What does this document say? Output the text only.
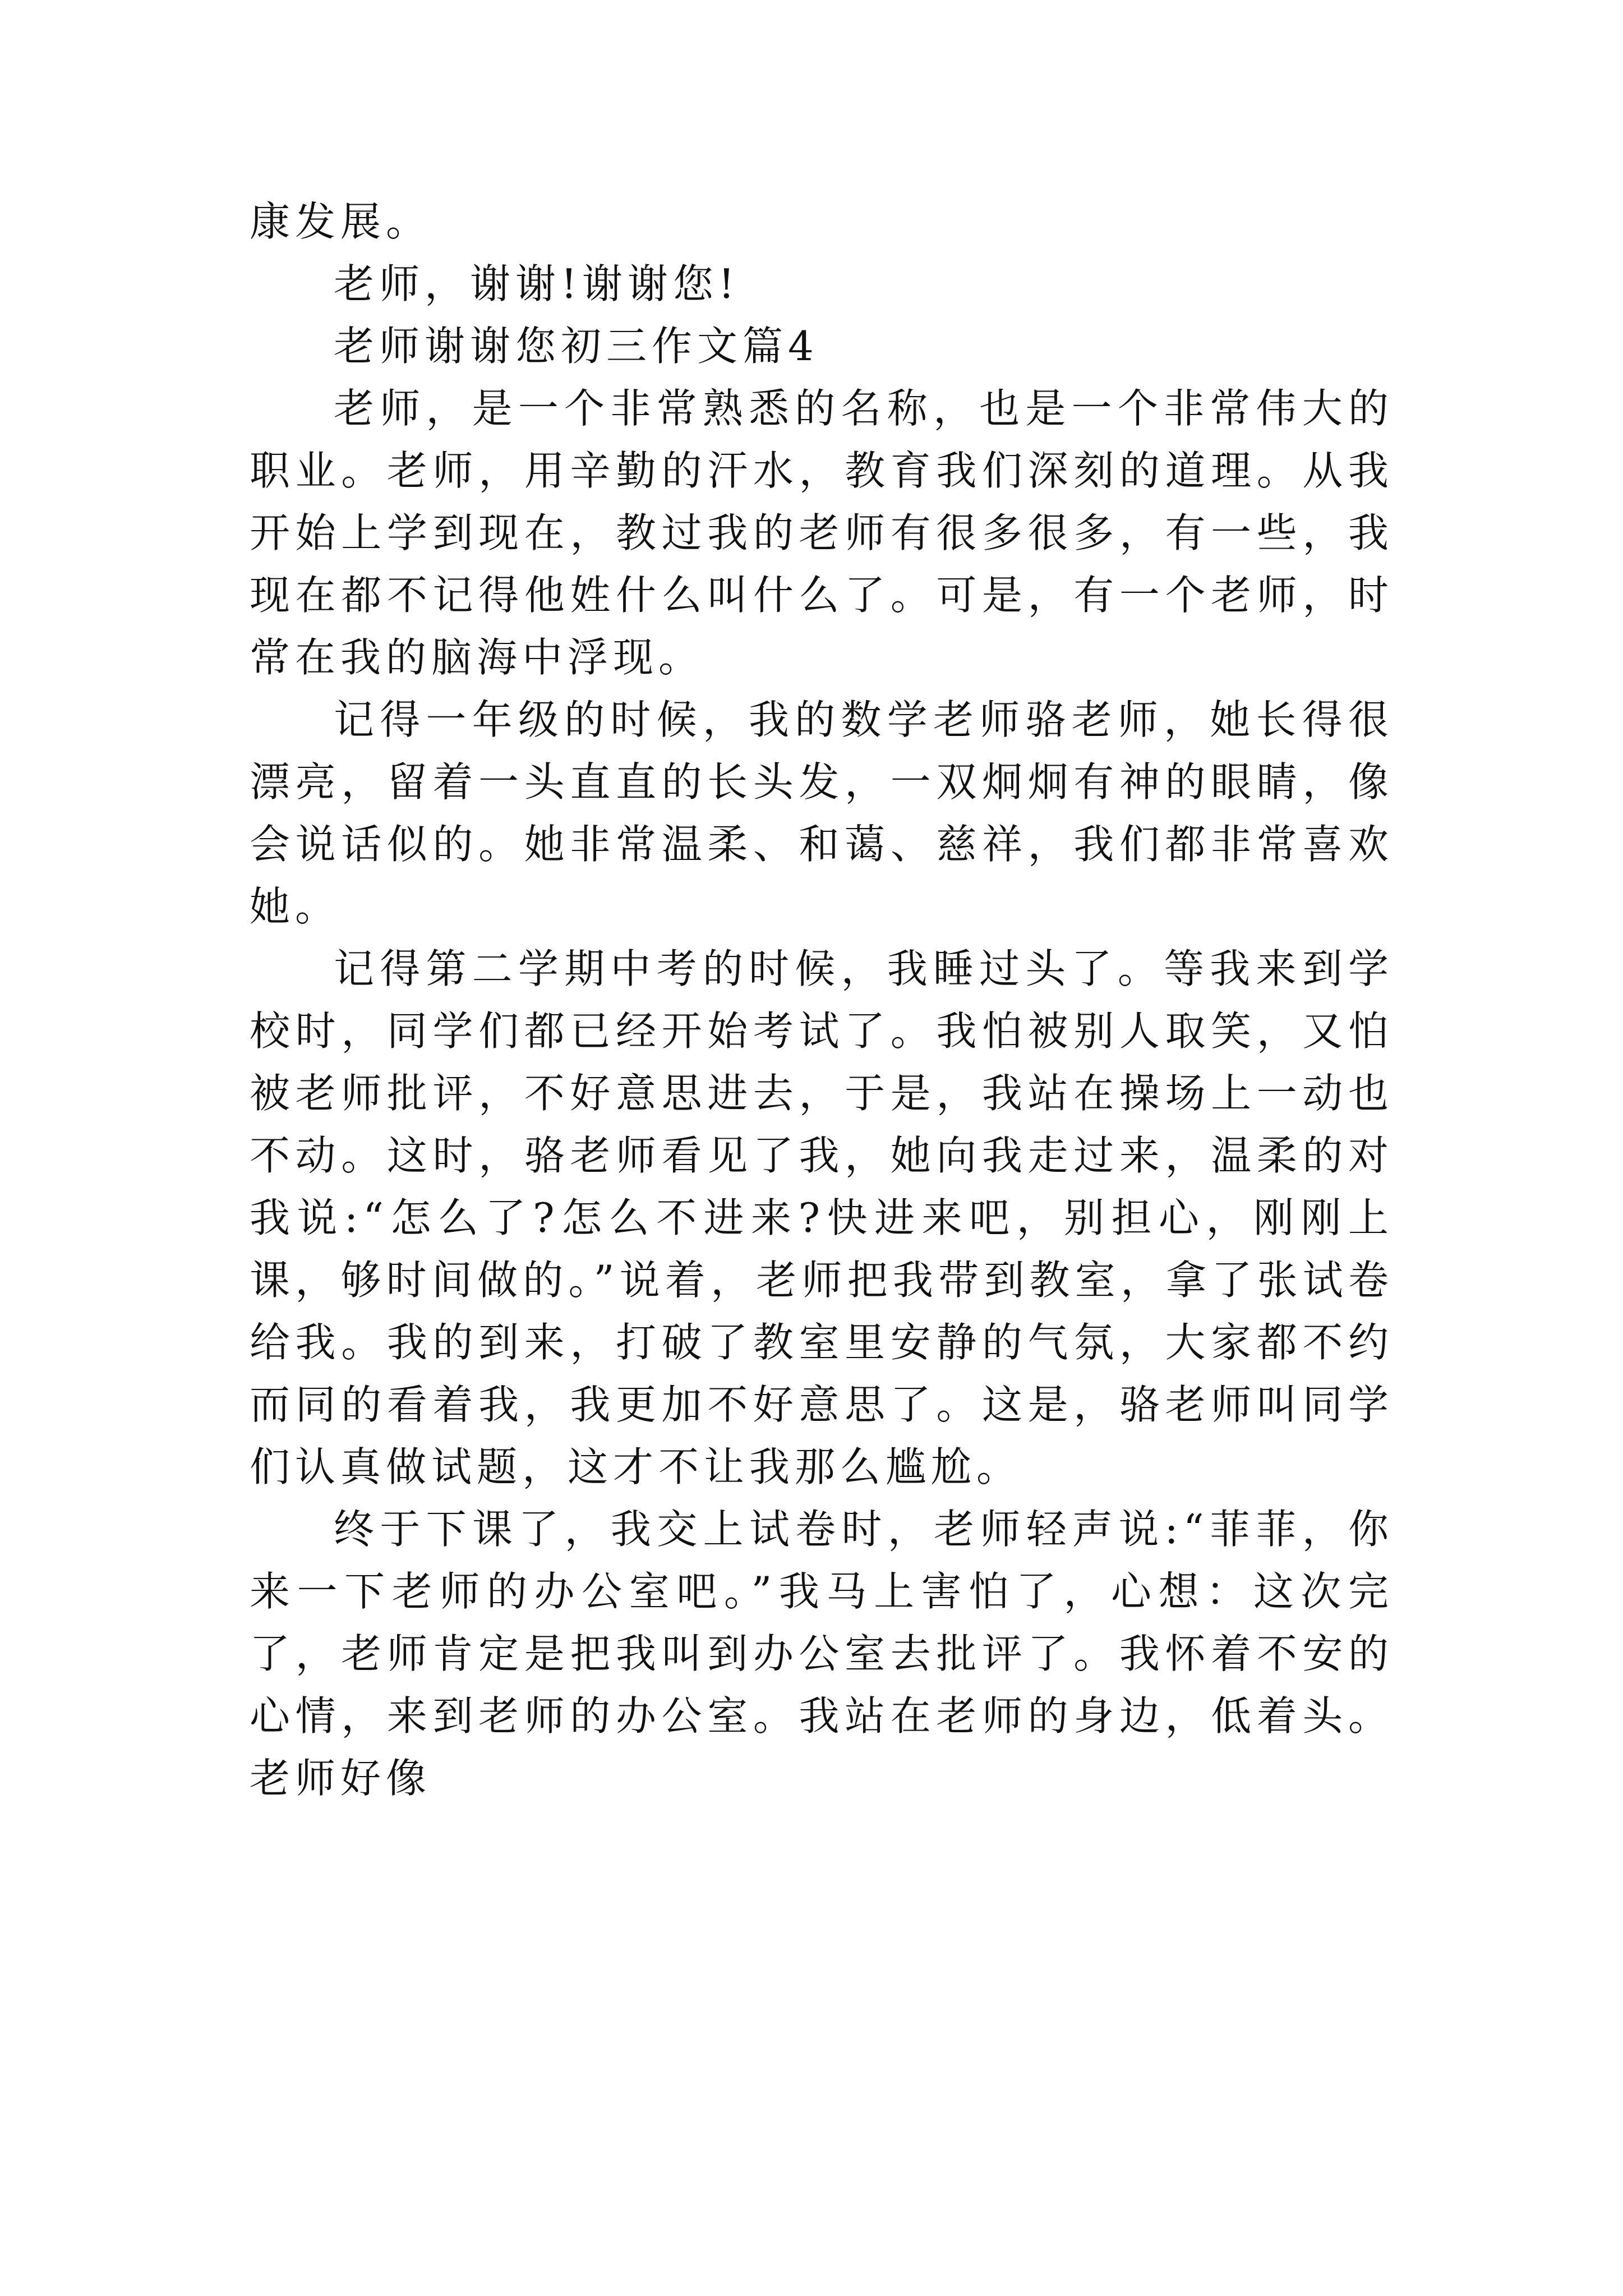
康发展。

老师，谢谢!谢谢您!

老师谢谢您初三作文篇4

老师，是一个非常熟悉的名称，也是一个非常伟大的职业。老师，用辛勤的汗水，教育我们深刻的道理。从我开始上学到现在，教过我的老师有很多很多，有一些，我现在都不记得他姓什么叫什么了。可是，有一个老师，时常在我的脑海中浮现。

记得一年级的时候，我的数学老师骆老师，她长得很漂亮，留着一头直直的长头发，一双炯炯有神的眼睛，像会说话似的。她非常温柔、和蔼、慈祥，我们都非常喜欢她。

记得第二学期中考的时候，我睡过头了。等我来到学校时，同学们都已经开始考试了。我怕被别人取笑，又怕被老师批评，不好意思进去，于是，我站在操场上一动也不动。这时，骆老师看见了我，她向我走过来，温柔的对我说:“怎么了?怎么不进来?快进来吧，别担心，刚刚上课，够时间做的。”说着，老师把我带到教室，拿了张试卷给我。我的到来，打破了教室里安静的气氛，大家都不约而同的看着我，我更加不好意思了。这是，骆老师叫同学们认真做试题，这才不让我那么尴尬。

终于下课了，我交上试卷时，老师轻声说:“菲菲，你来一下老师的办公室吧。”我马上害怕了，心想：这次完了，老师肯定是把我叫到办公室去批评了。我怀着不安的心情，来到老师的办公室。我站在老师的身边，低着头。老师好像
